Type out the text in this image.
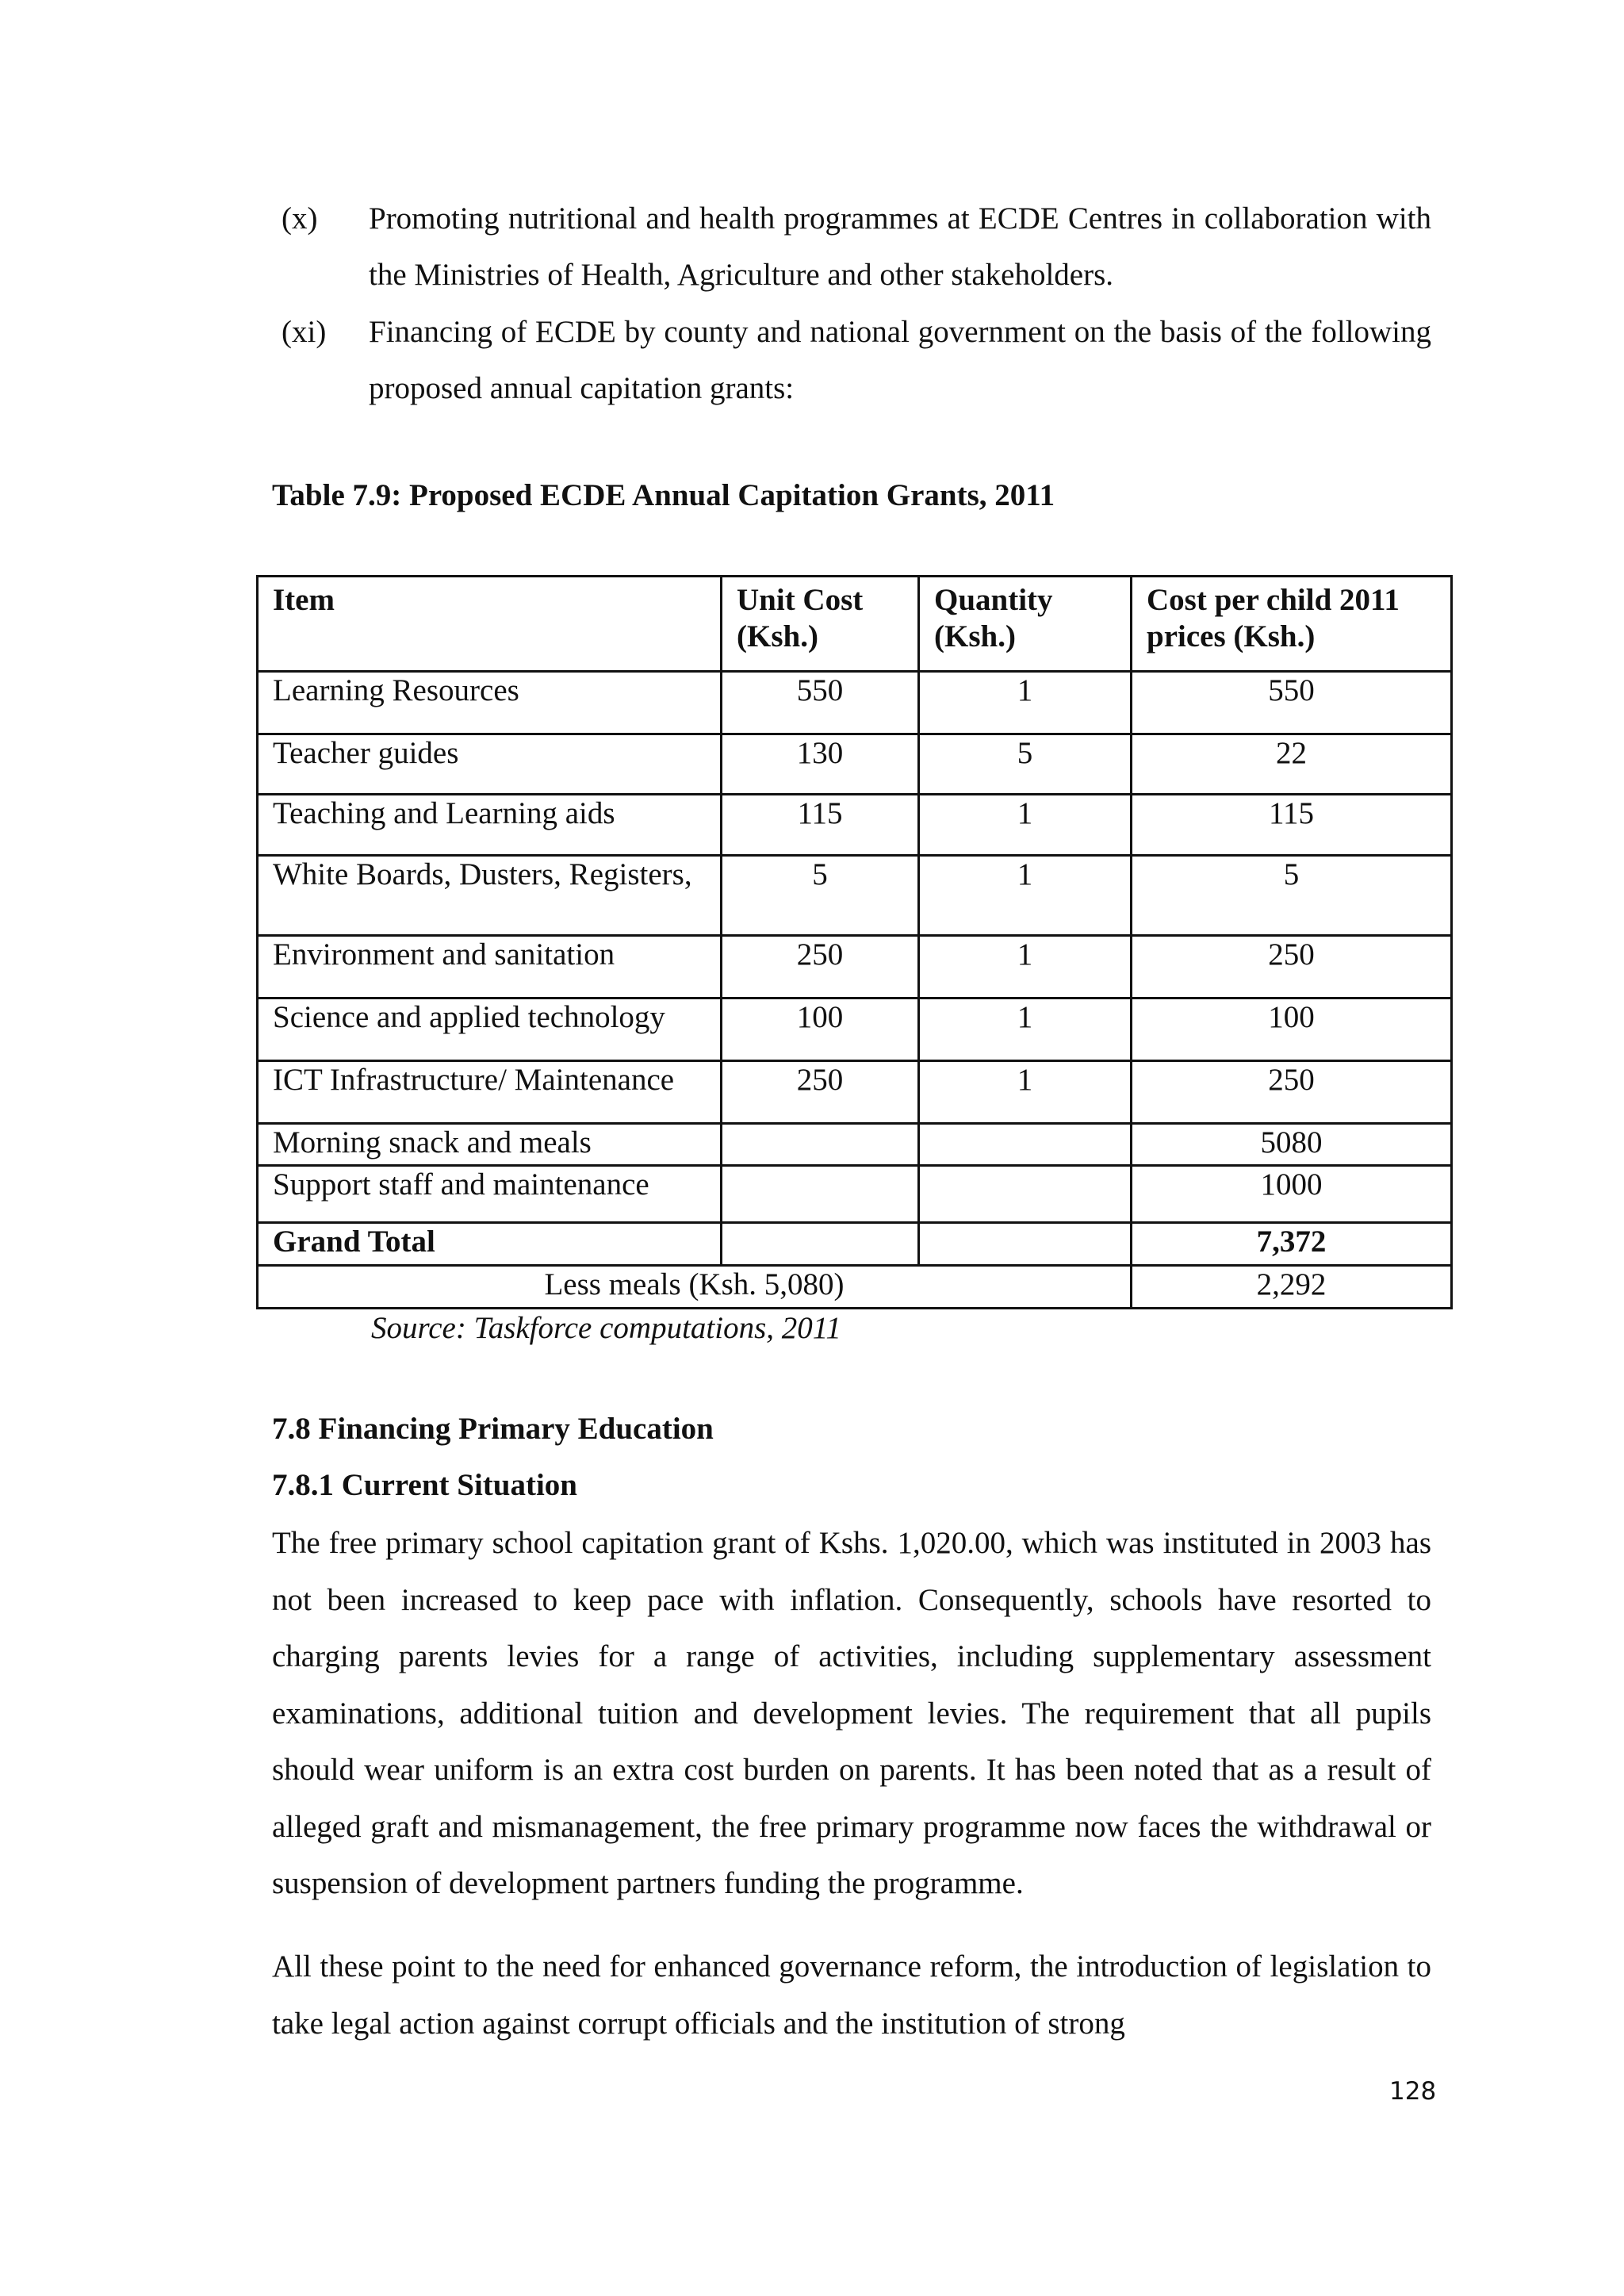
(x) Promoting nutritional and health programmes at ECDE Centres in collaboration with the Ministries of Health, Agriculture and other stakeholders.
(xi) Financing of ECDE by county and national government on the basis of the following proposed annual capitation grants:
Table 7.9: Proposed ECDE Annual Capitation Grants, 2011
Item	Unit Cost (Ksh.)	Quantity (Ksh.)	Cost per child 2011 prices (Ksh.)
Learning Resources	550	1	550
Teacher guides	130	5	22
Teaching and Learning aids	115	1	115
White Boards, Dusters, Registers,	5	1	5
Environment and sanitation	250	1	250
Science and applied technology	100	1	100
ICT Infrastructure/ Maintenance	250	1	250
Morning snack and meals			5080
Support staff and maintenance			1000
Grand Total			7,372
Less meals (Ksh. 5,080)			2,292
Source: Taskforce computations, 2011
7.8 Financing Primary Education
7.8.1 Current Situation
The free primary school capitation grant of Kshs. 1,020.00, which was instituted in 2003 has not been increased to keep pace with inflation. Consequently, schools have resorted to charging parents levies for a range of activities, including supplementary assessment examinations, additional tuition and development levies. The requirement that all pupils should wear uniform is an extra cost burden on parents. It has been noted that as a result of alleged graft and mismanagement, the free primary programme now faces the withdrawal or suspension of development partners funding the programme.
All these point to the need for enhanced governance reform, the introduction of legislation to take legal action against corrupt officials and the institution of strong
128
